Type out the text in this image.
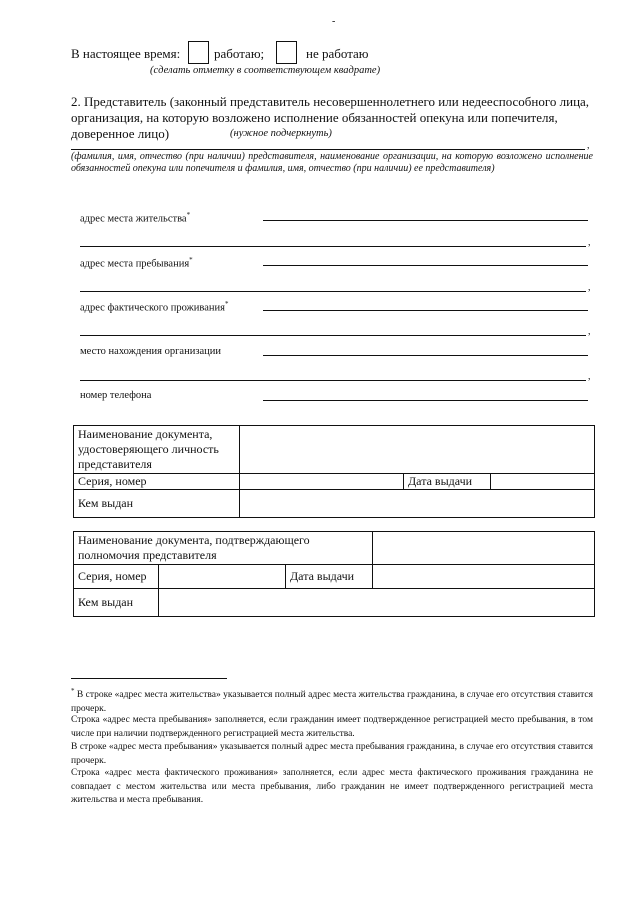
-
В настоящее время:	работаю;	не работаю
(сделать отметку в соответствующем квадрате)
2. Представитель (законный представитель несовершеннолетнего или недееспособного лица,
организация, на которую возложено исполнение обязанностей опекуна или попечителя,
доверенное лицо)	(нужное подчеркнуть)
,
(фамилия, имя, отчество (при наличии) представителя, наименование организации, на которую возложено исполнение обязанностей опекуна или попечителя и фамилия, имя, отчество (при наличии) ее представителя)
адрес места жительства*
,
адрес места пребывания*
,
адрес фактического проживания*
,
место нахождения организации
,
номер телефона
Наименование документа, удостоверяющего личность представителя			
Серия, номер		Дата выдачи	
Кем выдан			
Наименование документа, подтверждающего полномочия представителя			
Серия, номер		Дата выдачи	
Кем выдан			
* В строке «адрес места жительства» указывается полный адрес места жительства гражданина, в случае его отсутствия ставится прочерк.
Строка «адрес места пребывания» заполняется, если гражданин имеет подтвержденное регистрацией место пребывания, в том числе при наличии подтвержденного регистрацией места жительства.
В строке «адрес места пребывания» указывается полный адрес места пребывания гражданина, в случае его отсутствия ставится прочерк.
Строка «адрес места фактического проживания» заполняется, если адрес места фактического проживания гражданина не совпадает с местом жительства или места пребывания, либо гражданин не имеет подтвержденного регистрацией места жительства и места пребывания.
